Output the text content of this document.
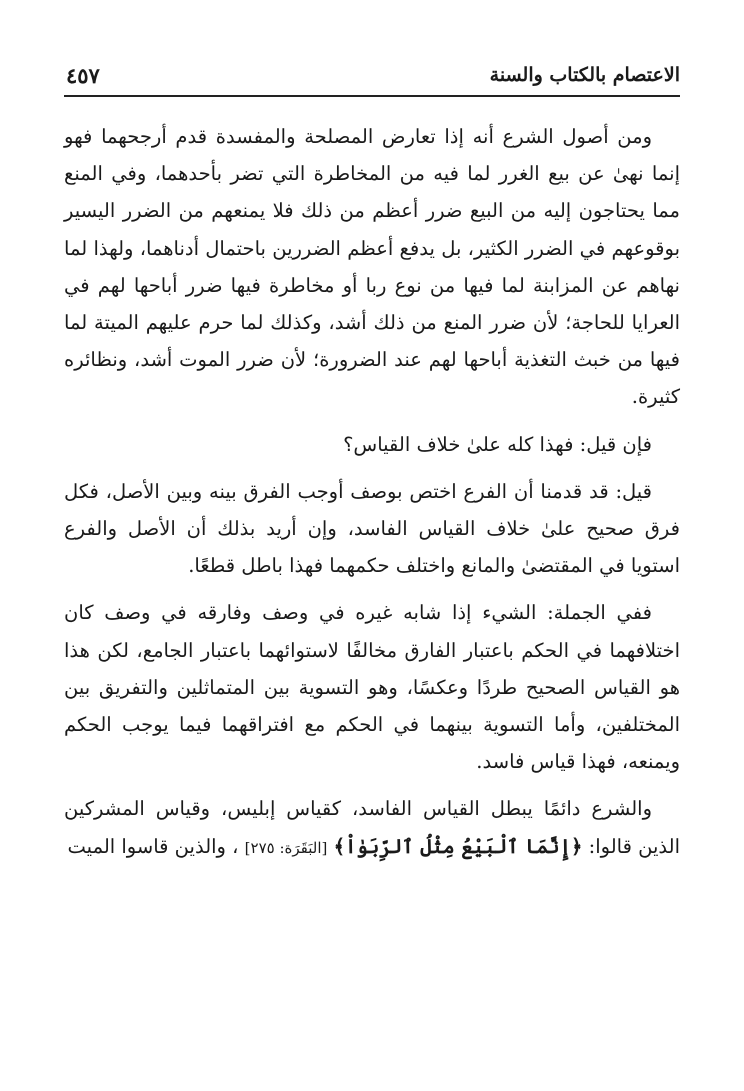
الاعتصام بالكتاب والسنة
٤٥٧

ومن أصول الشرع أنه إذا تعارض المصلحة والمفسدة قدم أرجحهما فهو إنما نهىٰ عن بيع الغرر لما فيه من المخاطرة التي تضر بأحدهما، وفي المنع مما يحتاجون إليه من البيع ضرر أعظم من ذلك فلا يمنعهم من الضرر اليسير بوقوعهم في الضرر الكثير، بل يدفع أعظم الضررين باحتمال أدناهما، ولهذا لما نهاهم عن المزابنة لما فيها من نوع ربا أو مخاطرة فيها ضرر أباحها لهم في العرايا للحاجة؛ لأن ضرر المنع من ذلك أشد، وكذلك لما حرم عليهم الميتة لما فيها من خبث التغذية أباحها لهم عند الضرورة؛ لأن ضرر الموت أشد، ونظائره كثيرة.

فإن قيل: فهذا كله علىٰ خلاف القياس؟

قيل: قد قدمنا أن الفرع اختص بوصف أوجب الفرق بينه وبين الأصل، فكل فرق صحيح علىٰ خلاف القياس الفاسد، وإن أريد بذلك أن الأصل والفرع استويا في المقتضىٰ والمانع واختلف حكمهما فهذا باطل قطعًا.

ففي الجملة: الشيء إذا شابه غيره في وصف وفارقه في وصف كان اختلافهما في الحكم باعتبار الفارق مخالفًا لاستوائهما باعتبار الجامع، لكن هذا هو القياس الصحيح طردًا وعكسًا، وهو التسوية بين المتماثلين والتفريق بين المختلفين، وأما التسوية بينهما في الحكم مع افتراقهما فيما يوجب الحكم ويمنعه، فهذا قياس فاسد.

والشرع دائمًا يبطل القياس الفاسد، كقياس إبليس، وقياس المشركين الذين قالوا: ﴿إِنَّمَا ٱلْبَيْعُ مِثْلُ ٱلرِّبَوٰاْ﴾ [البَقَرَة: ٢٧٥] ، والذين قاسوا الميت
